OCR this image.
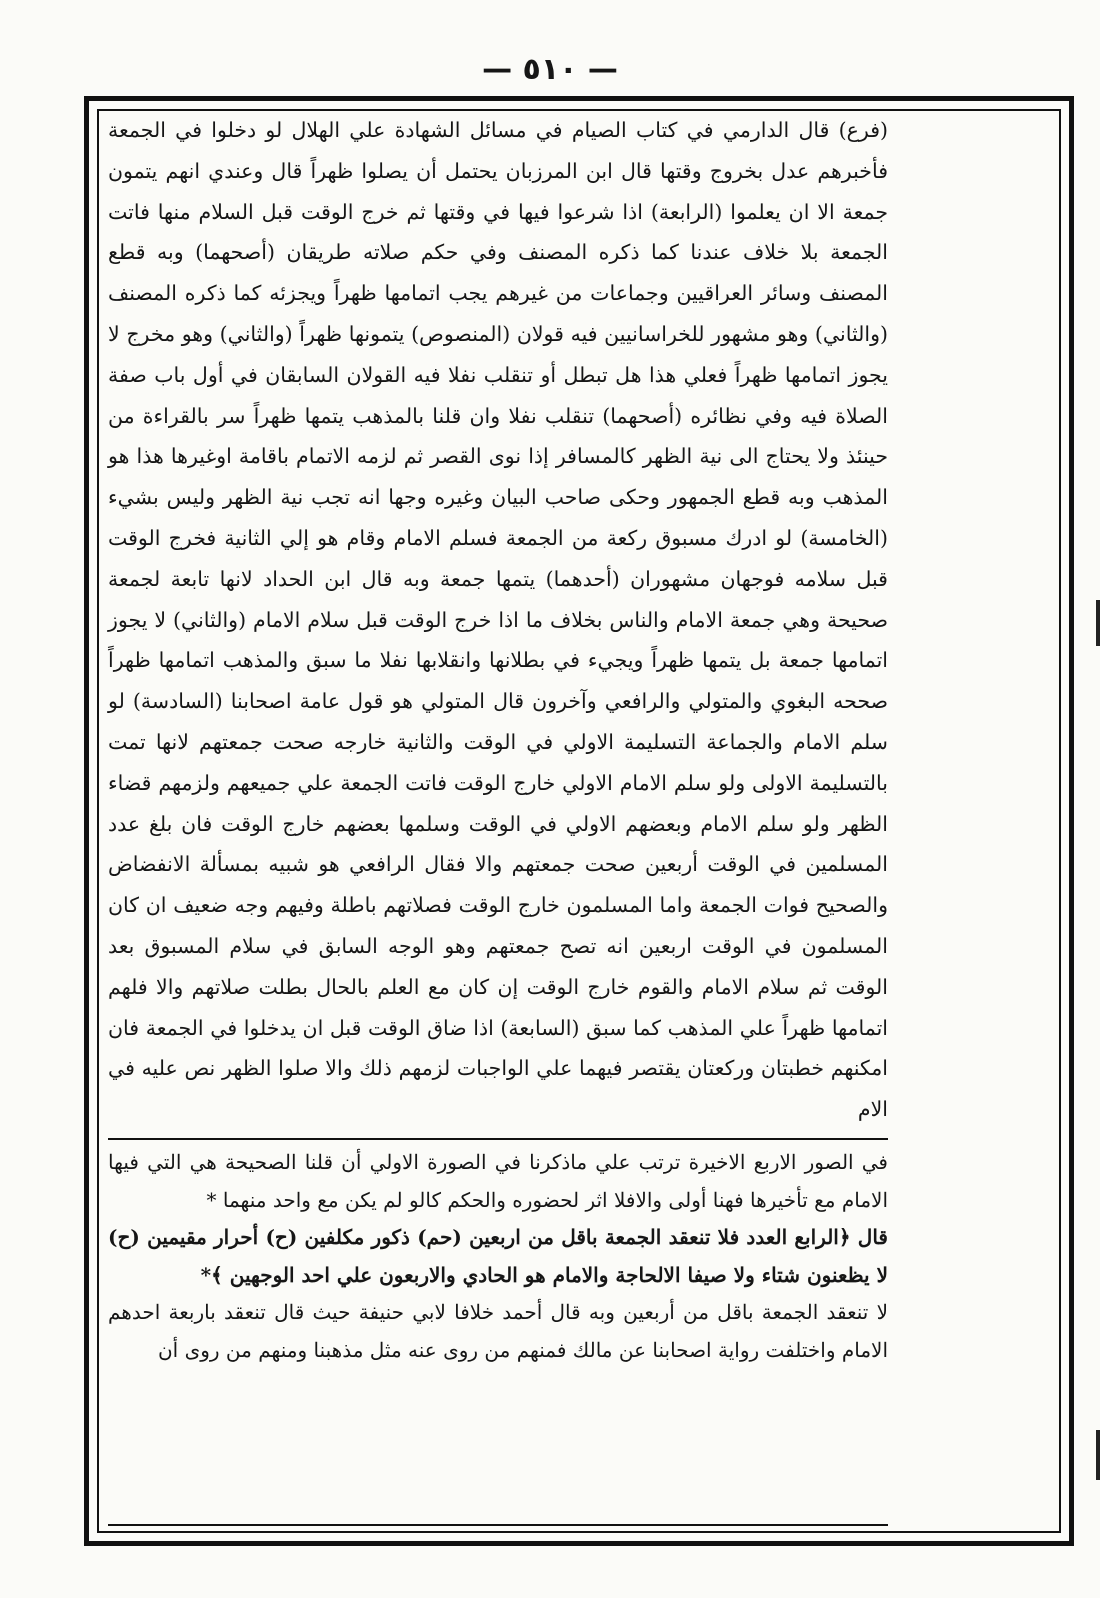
— ٥١٠ —

(فرع) قال الدارمي في كتاب الصيام في مسائل الشهادة علي الهلال لو دخلوا في الجمعة فأخبرهم عدل بخروج وقتها قال ابن المرزبان يحتمل أن يصلوا ظهراً قال وعندي انهم يتمون جمعة الا ان يعلموا (الرابعة) اذا شرعوا فيها في وقتها ثم خرج الوقت قبل السلام منها فاتت الجمعة بلا خلاف عندنا كما ذكره المصنف وفي حكم صلاته طريقان (أصحهما) وبه قطع المصنف وسائر العراقيين وجماعات من غيرهم يجب اتمامها ظهراً ويجزئه كما ذكره المصنف (والثاني) وهو مشهور للخراسانيين فيه قولان (المنصوص) يتمونها ظهراً (والثاني) وهو مخرج لا يجوز اتمامها ظهراً فعلي هذا هل تبطل أو تنقلب نفلا فيه القولان السابقان في أول باب صفة الصلاة فيه وفي نظائره (أصحهما) تنقلب نفلا وان قلنا بالمذهب يتمها ظهراً سر بالقراءة من حينئذ ولا يحتاج الى نية الظهر كالمسافر إذا نوى القصر ثم لزمه الاتمام باقامة اوغيرها هذا هو المذهب وبه قطع الجمهور وحكى صاحب البيان وغيره وجها انه تجب نية الظهر وليس بشيء (الخامسة) لو ادرك مسبوق ركعة من الجمعة فسلم الامام وقام هو إلي الثانية فخرج الوقت قبل سلامه فوجهان مشهوران (أحدهما) يتمها جمعة وبه قال ابن الحداد لانها تابعة لجمعة صحيحة وهي جمعة الامام والناس بخلاف ما اذا خرج الوقت قبل سلام الامام (والثاني) لا يجوز اتمامها جمعة بل يتمها ظهراً ويجيء في بطلانها وانقلابها نفلا ما سبق والمذهب اتمامها ظهراً صححه البغوي والمتولي والرافعي وآخرون قال المتولي هو قول عامة اصحابنا (السادسة) لو سلم الامام والجماعة التسليمة الاولي في الوقت والثانية خارجه صحت جمعتهم لانها تمت بالتسليمة الاولى ولو سلم الامام الاولي خارج الوقت فاتت الجمعة علي جميعهم ولزمهم قضاء الظهر ولو سلم الامام وبعضهم الاولي في الوقت وسلمها بعضهم خارج الوقت فان بلغ عدد المسلمين في الوقت أربعين صحت جمعتهم والا فقال الرافعي هو شبيه بمسألة الانفضاض والصحيح فوات الجمعة واما المسلمون خارج الوقت فصلاتهم باطلة وفيهم وجه ضعيف ان كان المسلمون في الوقت اربعين انه تصح جمعتهم وهو الوجه السابق في سلام المسبوق بعد الوقت ثم سلام الامام والقوم خارج الوقت إن كان مع العلم بالحال بطلت صلاتهم والا فلهم اتمامها ظهراً علي المذهب كما سبق (السابعة) اذا ضاق الوقت قبل ان يدخلوا في الجمعة فان امكنهم خطبتان وركعتان يقتصر فيهما علي الواجبات لزمهم ذلك والا صلوا الظهر نص عليه في الام

في الصور الاربع الاخيرة ترتب علي ماذكرنا في الصورة الاولي أن قلنا الصحيحة هي التي فيها الامام مع تأخيرها فهنا أولى والافلا اثر لحضوره والحكم كالو لم يكن مع واحد منهما *

قال ﴿الرابع العدد فلا تنعقد الجمعة باقل من اربعين (حم) ذكور مكلفين (ح) أحرار مقيمين (ح) لا يظعنون شتاء ولا صيفا الالحاجة والامام هو الحادي والاربعون علي احد الوجهين ﴾*

لا تنعقد الجمعة باقل من أربعين وبه قال أحمد خلافا لابي حنيفة حيث قال تنعقد باربعة احدهم الامام واختلفت رواية اصحابنا عن مالك فمنهم من روى عنه مثل مذهبنا ومنهم من روى أن
